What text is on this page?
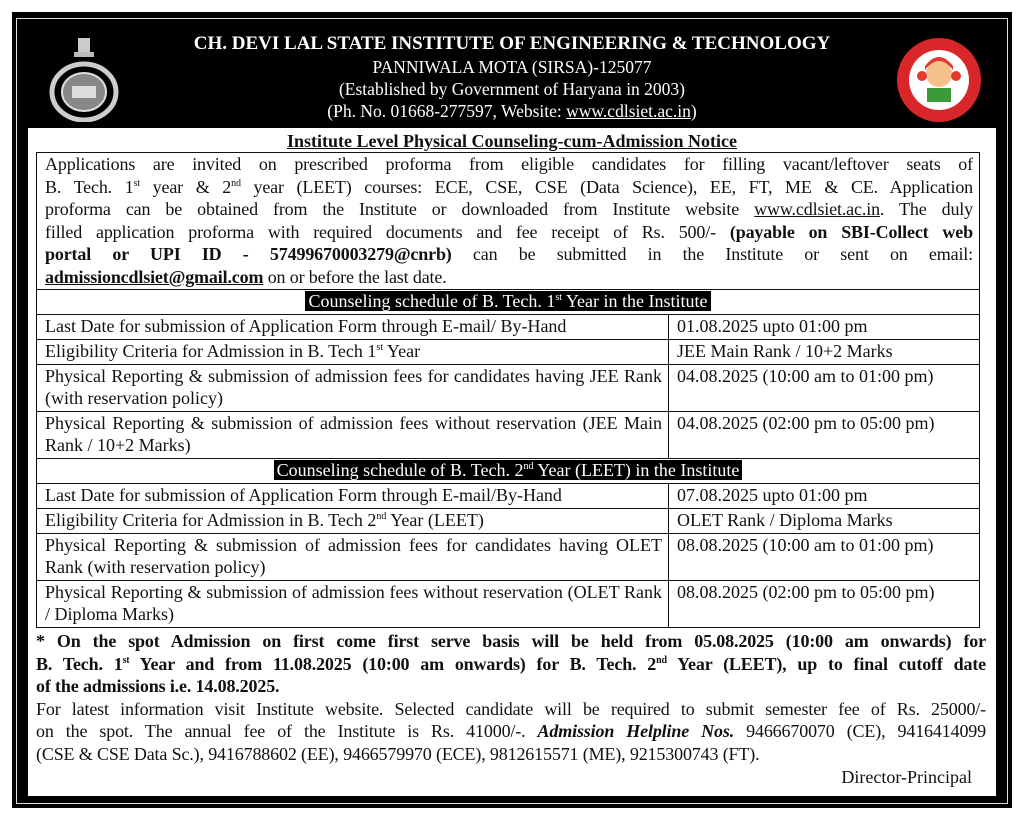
CH. DEVI LAL STATE INSTITUTE OF ENGINEERING & TECHNOLOGY
PANNIWALA MOTA (SIRSA)-125077
(Established by Government of Haryana in 2003)
(Ph. No. 01668-277597, Website: www.cdlsiet.ac.in)
Institute Level Physical Counseling-cum-Admission Notice
Applications are invited on prescribed proforma from eligible candidates for filling vacant/leftover seats of
B. Tech. 1st year & 2nd year (LEET) courses: ECE, CSE, CSE (Data Science), EE, FT, ME & CE. Application
proforma can be obtained from the Institute or downloaded from Institute website www.cdlsiet.ac.in. The duly
filled application proforma with required documents and fee receipt of Rs. 500/- (payable on SBI-Collect web
portal or UPI ID - 57499670003279@cnrb) can be submitted in the Institute or sent on email:
admissioncdlsiet@gmail.com on or before the last date.
Counseling schedule of B. Tech. 1st Year in the Institute	
Last Date for submission of Application Form through E-mail/ By-Hand	01.08.2025 upto 01:00 pm
Eligibility Criteria for Admission in B. Tech 1st Year	JEE Main Rank / 10+2 Marks
Physical Reporting & submission of admission fees for candidates having JEE Rank (with reservation policy)	04.08.2025 (10:00 am to 01:00 pm)
Physical Reporting & submission of admission fees without reservation (JEE Main Rank / 10+2 Marks)	04.08.2025 (02:00 pm to 05:00 pm)
Counseling schedule of B. Tech. 2nd Year (LEET) in the Institute	
Last Date for submission of Application Form through E-mail/By-Hand	07.08.2025 upto 01:00 pm
Eligibility Criteria for Admission in B. Tech 2nd Year (LEET)	OLET Rank / Diploma Marks
Physical Reporting & submission of admission fees for candidates having OLET Rank (with reservation policy)	08.08.2025 (10:00 am to 01:00 pm)
Physical Reporting & submission of admission fees without reservation (OLET Rank / Diploma Marks)	08.08.2025 (02:00 pm to 05:00 pm)
* On the spot Admission on first come first serve basis will be held from 05.08.2025 (10:00 am onwards) for
B. Tech. 1st Year and from 11.08.2025 (10:00 am onwards) for B. Tech. 2nd Year (LEET), up to final cutoff date
of the admissions i.e. 14.08.2025.
For latest information visit Institute website. Selected candidate will be required to submit semester fee of Rs. 25000/-
on the spot. The annual fee of the Institute is Rs. 41000/-. Admission Helpline Nos. 9466670070 (CE), 9416414099
(CSE & CSE Data Sc.), 9416788602 (EE), 9466579970 (ECE), 9812615571 (ME), 9215300743 (FT).
Director-Principal
